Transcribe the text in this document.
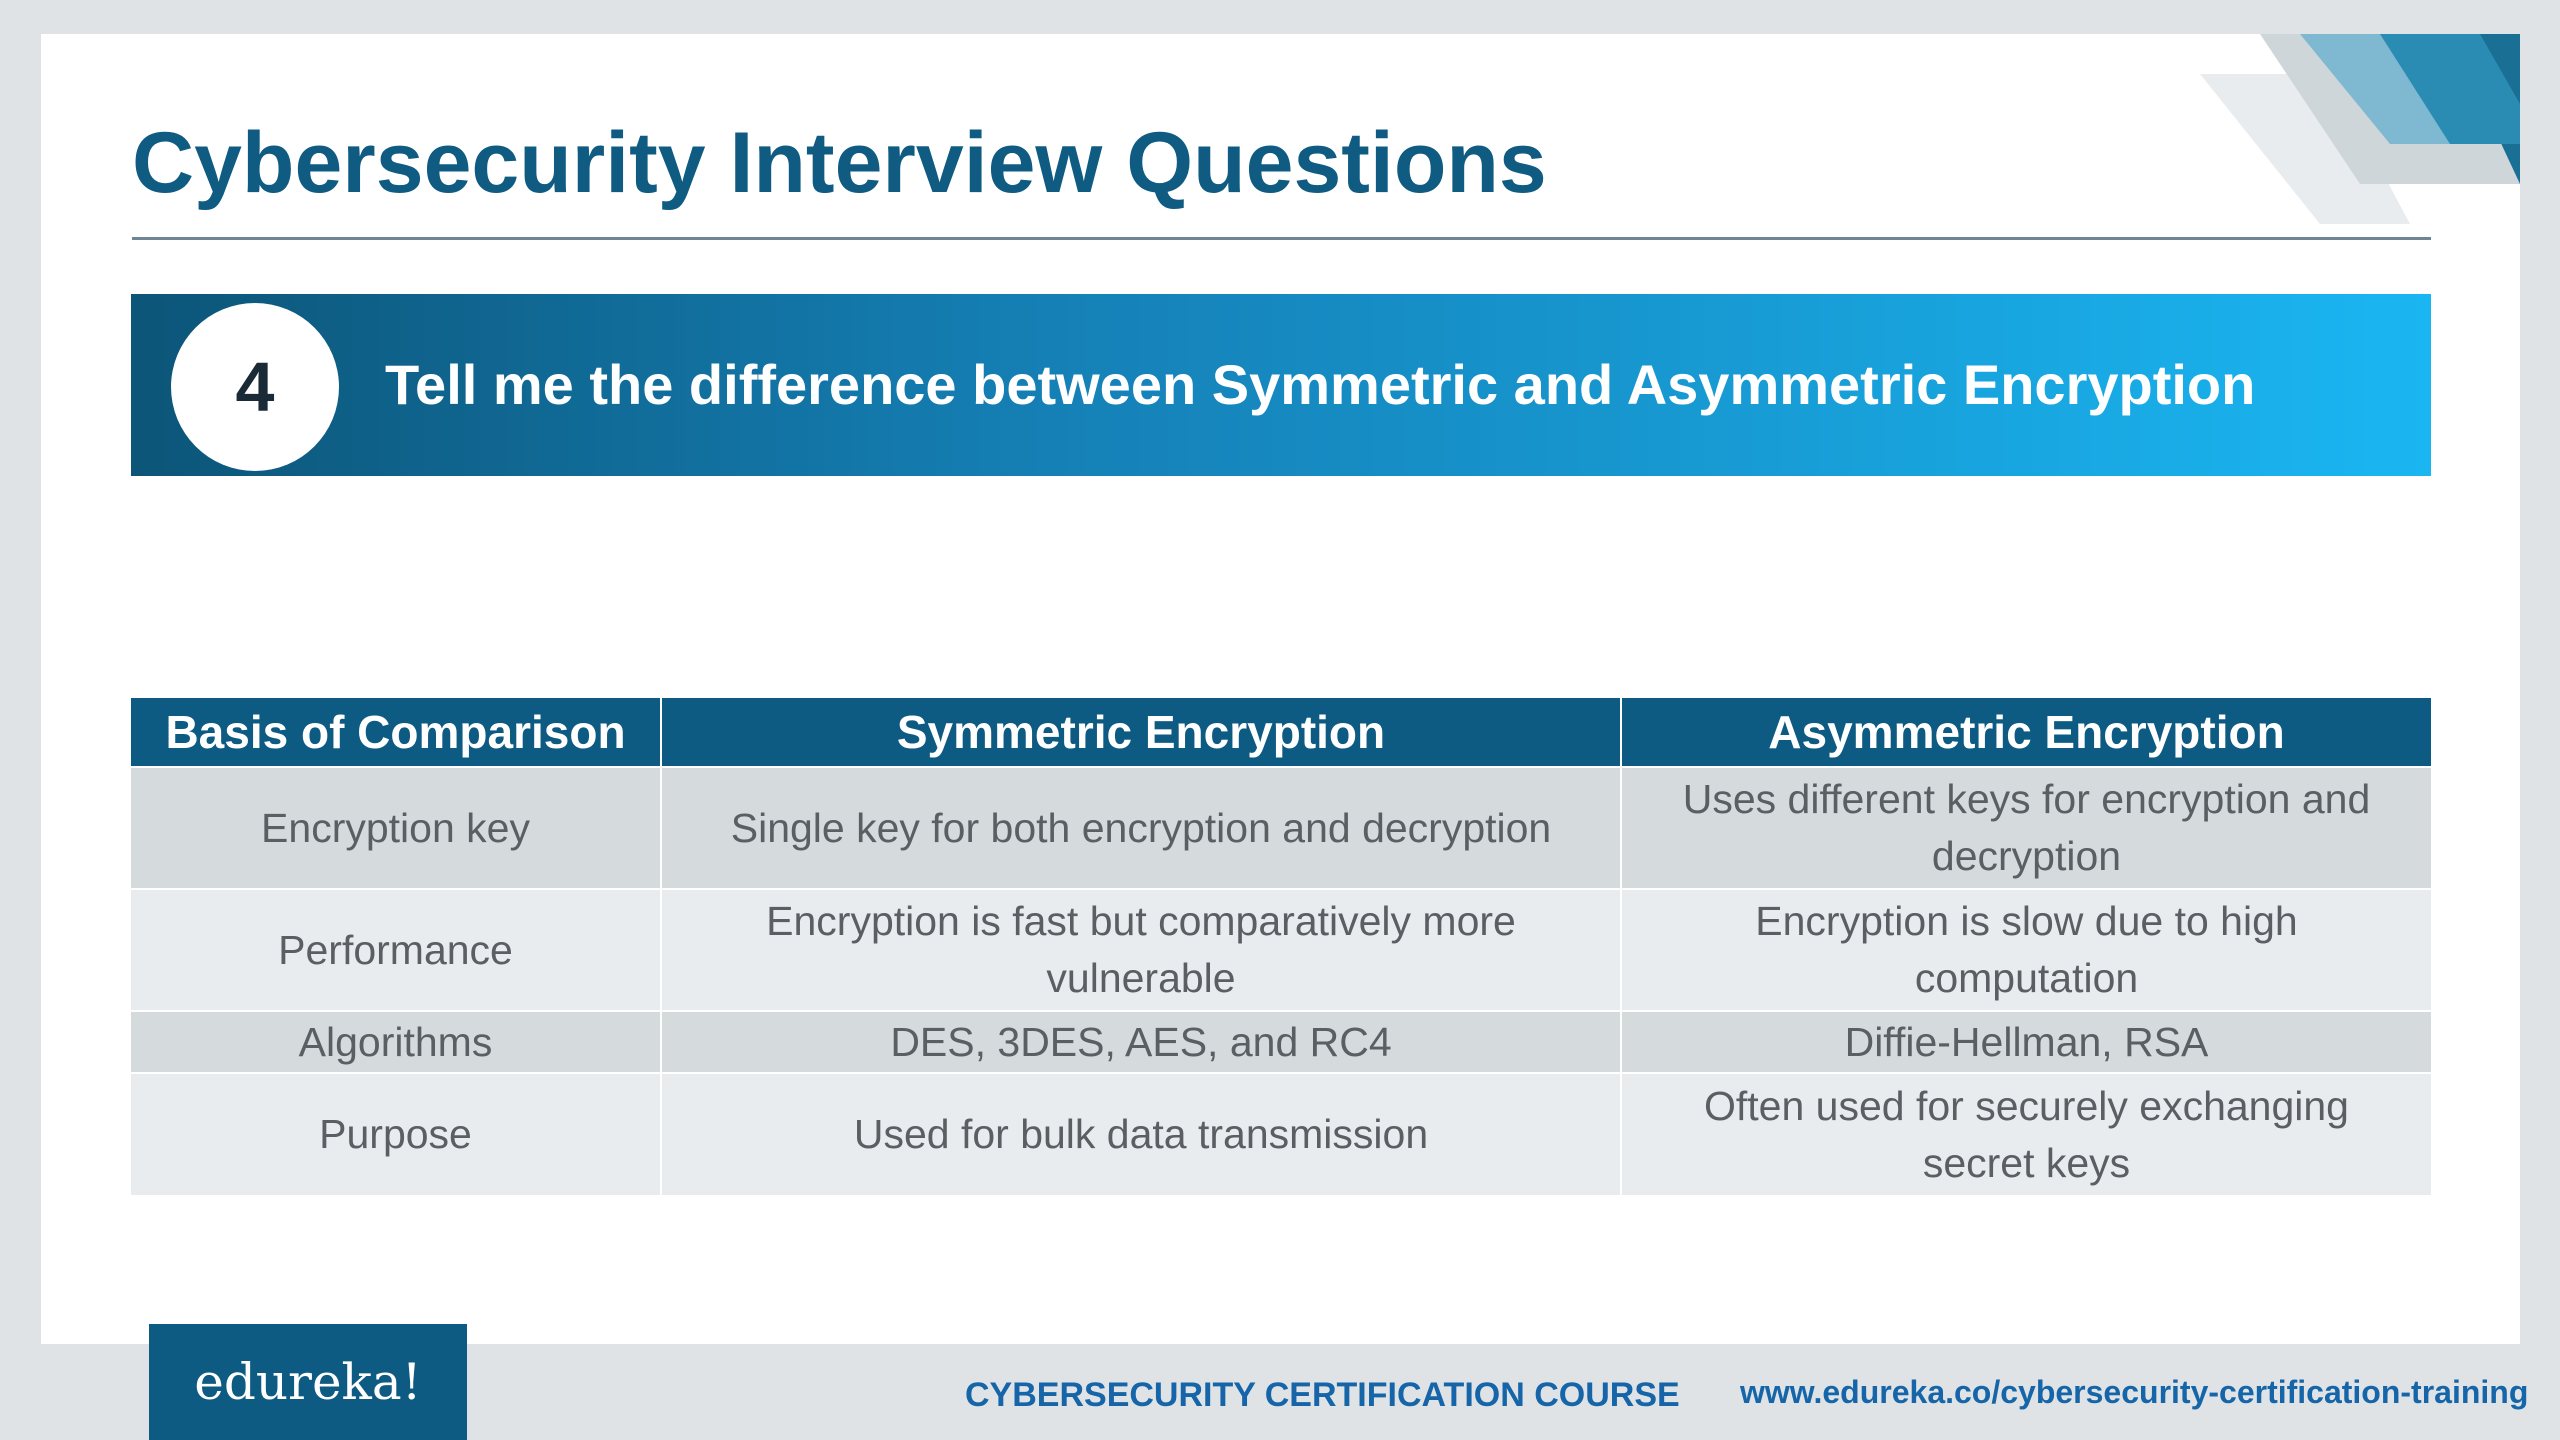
Cybersecurity Interview Questions
4	Tell me the difference between Symmetric and Asymmetric Encryption
Basis of Comparison	Symmetric Encryption	Asymmetric Encryption
Encryption key	Single key for both encryption and decryption	Uses different keys for encryption and decryption
Performance	Encryption is fast but comparatively more vulnerable	Encryption is slow due to high computation
Algorithms	DES, 3DES, AES, and RC4	Diffie-Hellman, RSA
Purpose	Used for bulk data transmission	Often used for securely exchanging secret keys
edureka!	CYBERSECURITY CERTIFICATION COURSE www.edureka.co/cybersecurity-certification-training
